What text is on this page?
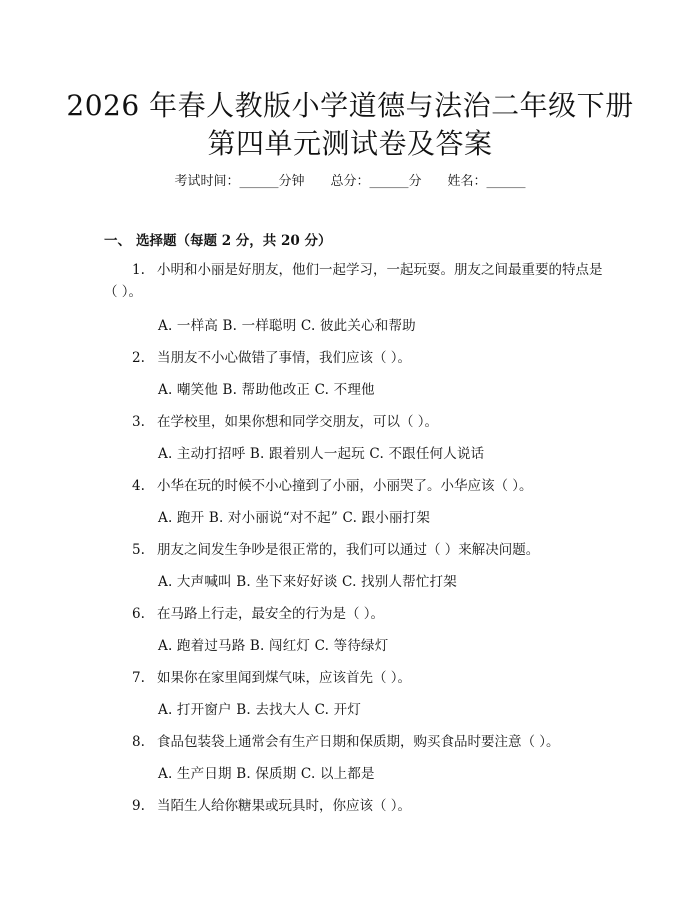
2026 年春人教版小学道德与法治二年级下册
第四单元测试卷及答案
考试时间：______分钟 总分：______分 姓名：______
一、 选择题（每题 2 分，共 20 分）
1. 小明和小丽是好朋友，他们一起学习，一起玩耍。朋友之间最重要的特点是（ ）。
A. 一样高 B. 一样聪明 C. 彼此关心和帮助
2. 当朋友不小心做错了事情，我们应该（ ）。
A. 嘲笑他 B. 帮助他改正 C. 不理他
3. 在学校里，如果你想和同学交朋友，可以（ ）。
A. 主动打招呼 B. 跟着别人一起玩 C. 不跟任何人说话
4. 小华在玩的时候不小心撞到了小丽，小丽哭了。小华应该（ ）。
A. 跑开 B. 对小丽说“对不起” C. 跟小丽打架
5. 朋友之间发生争吵是很正常的，我们可以通过（ ）来解决问题。
A. 大声喊叫 B. 坐下来好好谈 C. 找别人帮忙打架
6. 在马路上行走，最安全的行为是（ ）。
A. 跑着过马路 B. 闯红灯 C. 等待绿灯
7. 如果你在家里闻到煤气味，应该首先（ ）。
A. 打开窗户 B. 去找大人 C. 开灯
8. 食品包装袋上通常会有生产日期和保质期，购买食品时要注意（ ）。
A. 生产日期 B. 保质期 C. 以上都是
9. 当陌生人给你糖果或玩具时，你应该（ ）。
